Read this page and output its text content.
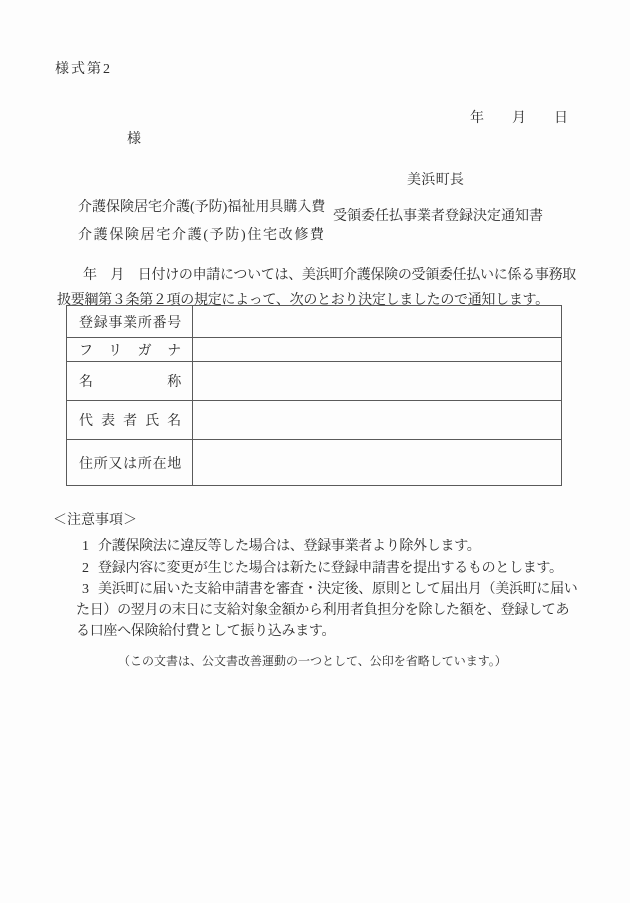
様式第2
年　　月　　日
様
美浜町長
介護保険居宅介護(予防)福祉用具購入費
介護保険居宅介護(予防)住宅改修費
受領委任払事業者登録決定通知書
年　月　日付けの申請については、美浜町介護保険の受領委任払いに係る事務取
扱要綱第３条第２項の規定によって、次のとおり決定しましたので通知します。
登録事業所番号
フリガナ
名称
代表者氏名
住所又は所在地
＜注意事項＞
1 介護保険法に違反等した場合は、登録事業者より除外します。
2 登録内容に変更が生じた場合は新たに登録申請書を提出するものとします。
3 美浜町に届いた支給申請書を審査・決定後、原則として届出月（美浜町に届い
た日）の翌月の末日に支給対象金額から利用者負担分を除した額を、登録してあ
る口座へ保険給付費として振り込みます。
（この文書は、公文書改善運動の一つとして、公印を省略しています。）
